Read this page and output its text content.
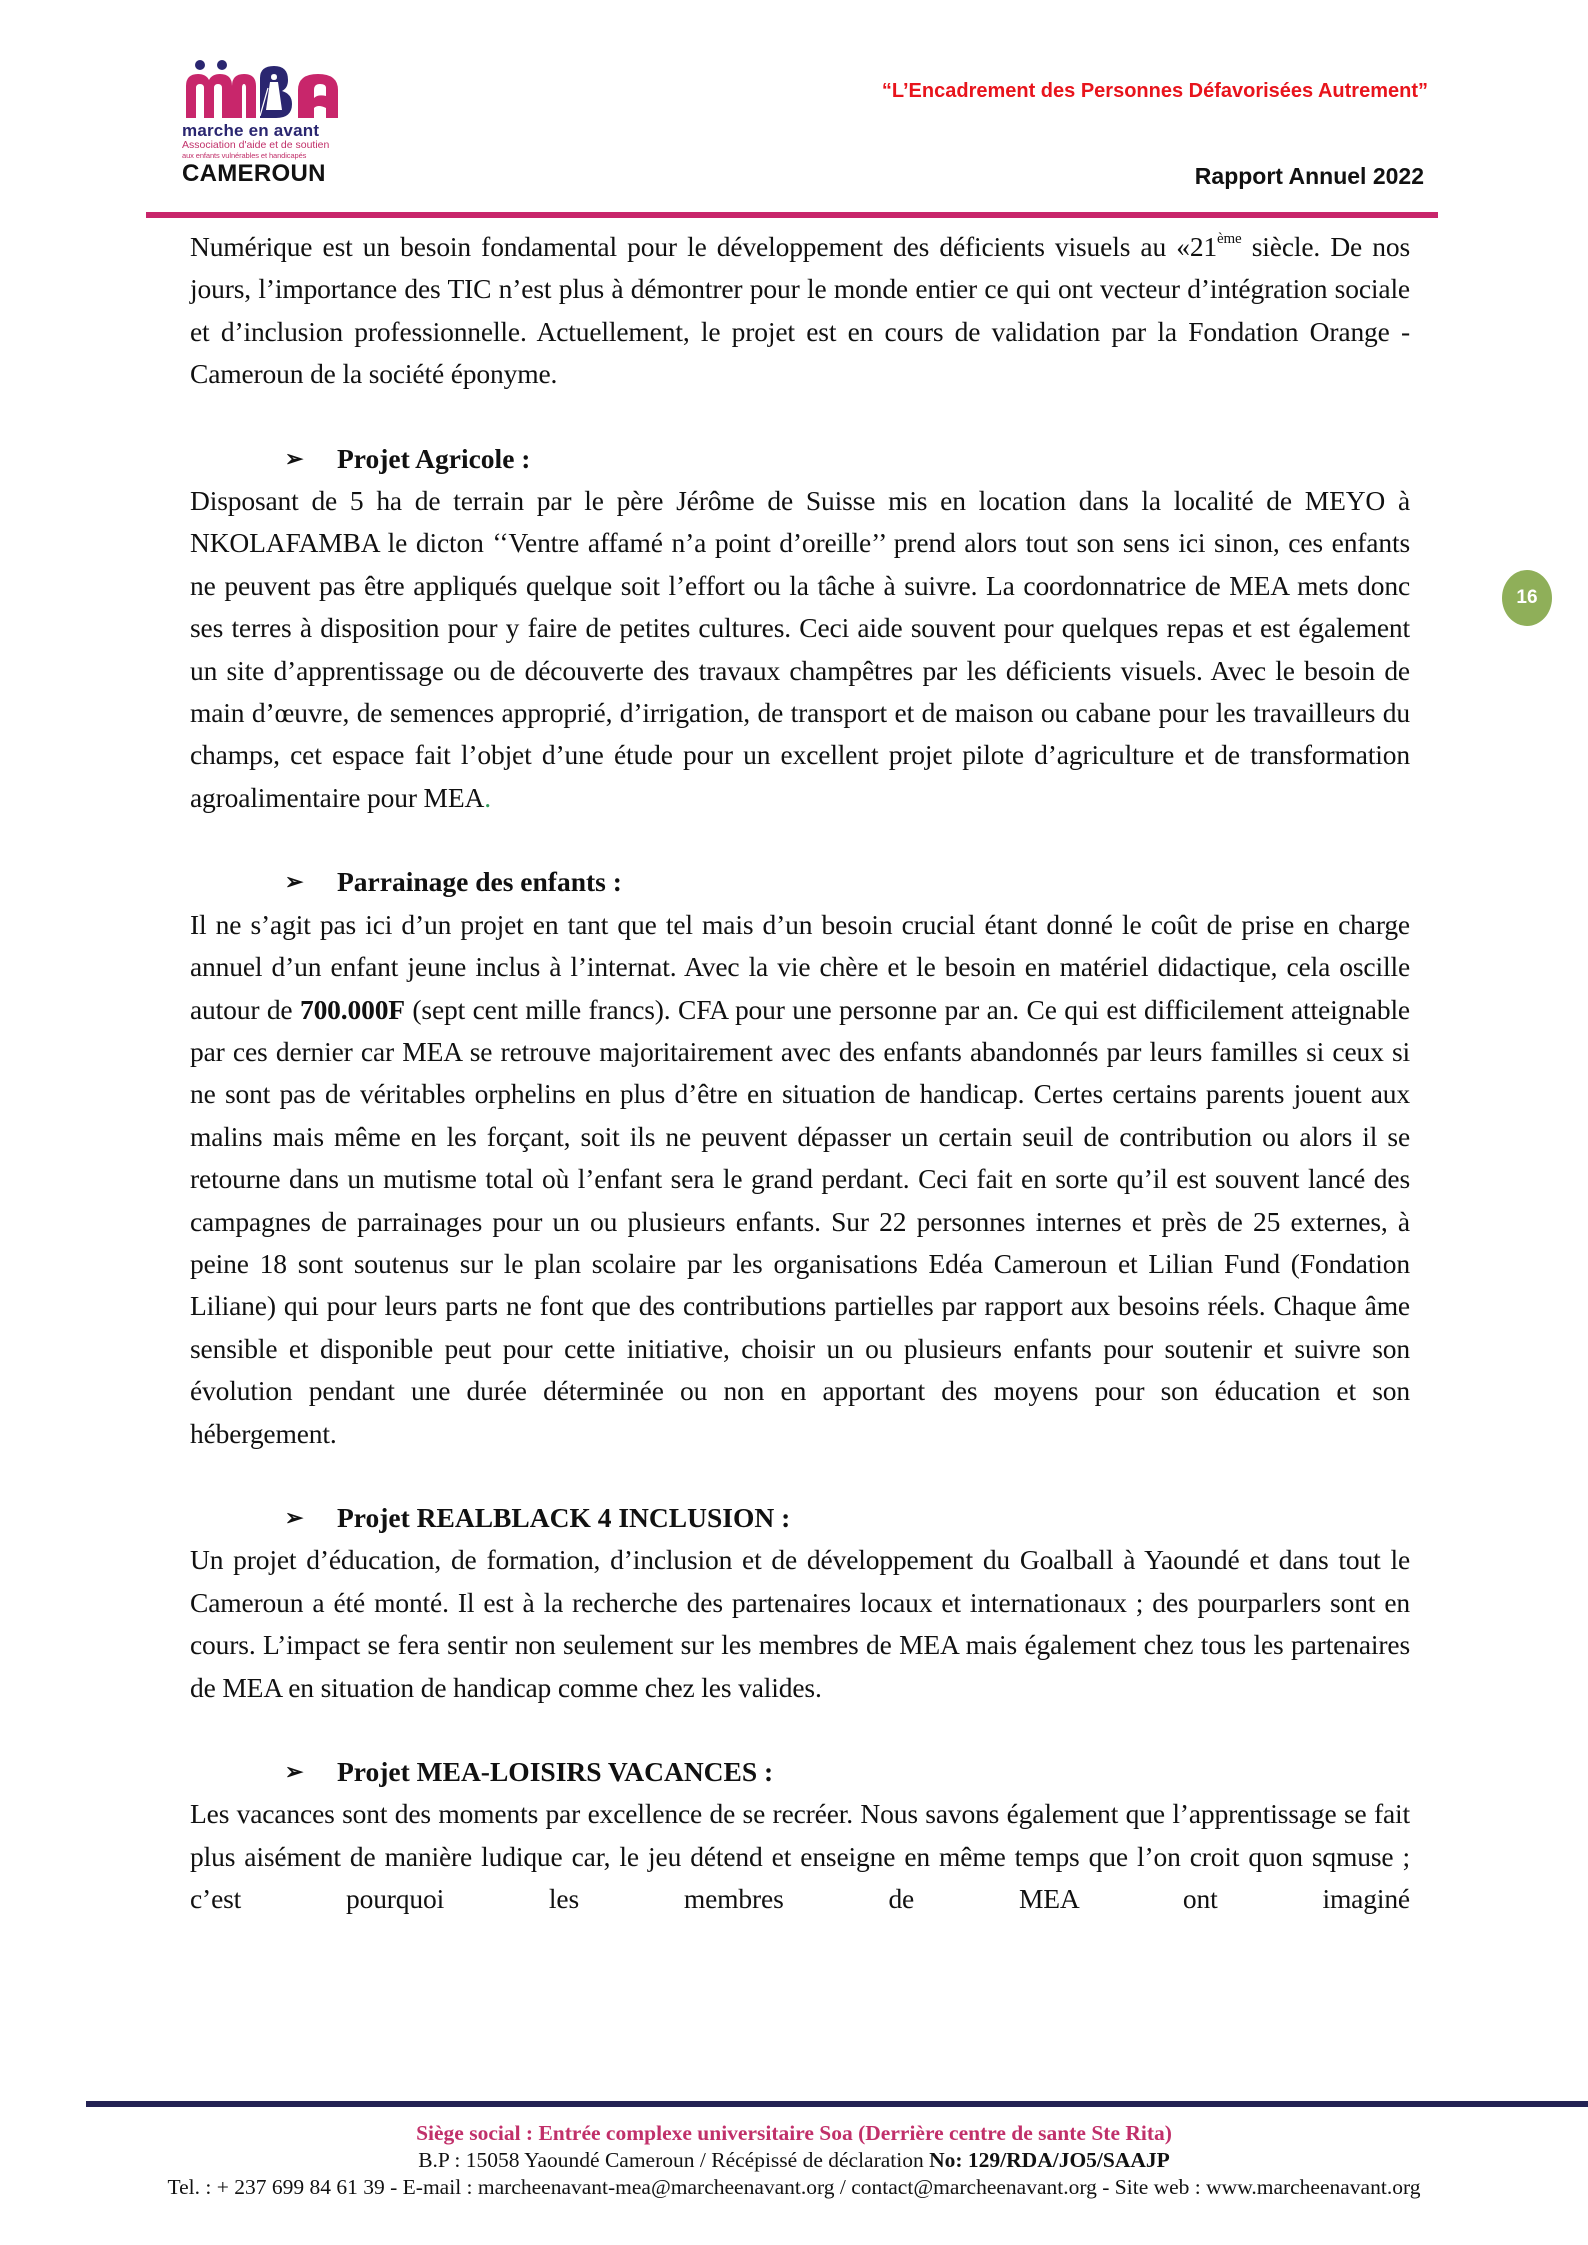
marche en avant
Association d'aide et de soutien
aux enfants vulnérables et handicapés
CAMEROUN
“L’Encadrement des Personnes Défavorisées Autrement”
Rapport Annuel 2022
16

Numérique est un besoin fondamental pour le développement des déficients visuels au «21ème siècle. De nos jours, l’importance des TIC n’est plus à démontrer pour le monde entier ce qui ont vecteur d’intégration sociale et d’inclusion professionnelle. Actuellement, le projet est en cours de validation par la Fondation Orange - Cameroun de la société éponyme.

➢	Projet Agricole :

Disposant de 5 ha de terrain par le père Jérôme de Suisse mis en location dans la localité de MEYO à NKOLAFAMBA le dicton ‘‘Ventre affamé n’a point d’oreille’’ prend alors tout son sens ici sinon, ces enfants ne peuvent pas être appliqués quelque soit l’effort ou la tâche à suivre. La coordonnatrice de MEA mets donc ses terres à disposition pour y faire de petites cultures. Ceci aide souvent pour quelques repas et est également un site d’apprentissage ou de découverte des travaux champêtres par les déficients visuels. Avec le besoin de main d’œuvre, de semences approprié, d’irrigation, de transport et de maison ou cabane pour les travailleurs du champs, cet espace fait l’objet d’une étude pour un excellent projet pilote d’agriculture et de transformation agroalimentaire pour MEA.

➢	Parrainage des enfants :

Il ne s’agit pas ici d’un projet en tant que tel mais d’un besoin crucial étant donné le coût de prise en charge annuel d’un enfant jeune inclus à l’internat. Avec la vie chère et le besoin en matériel didactique, cela oscille autour de 700.000F (sept cent mille francs). CFA pour une personne par an. Ce qui est difficilement atteignable par ces dernier car MEA se retrouve majoritairement avec des enfants abandonnés par leurs familles si ceux si ne sont pas de véritables orphelins en plus d’être en situation de handicap. Certes certains parents jouent aux malins mais même en les forçant, soit ils ne peuvent dépasser un certain seuil de contribution ou alors il se retourne dans un mutisme total où l’enfant sera le grand perdant. Ceci fait en sorte qu’il est souvent lancé des campagnes de parrainages pour un ou plusieurs enfants. Sur 22 personnes internes et près de 25 externes, à peine 18 sont soutenus sur le plan scolaire par les organisations Edéa Cameroun et Lilian Fund (Fondation Liliane) qui pour leurs parts ne font que des contributions partielles par rapport aux besoins réels. Chaque âme sensible et disponible peut pour cette initiative, choisir un ou plusieurs enfants pour soutenir et suivre son évolution pendant une durée déterminée ou non en apportant des moyens pour son éducation et son hébergement.

➢	Projet REALBLACK 4 INCLUSION :

Un projet d’éducation, de formation, d’inclusion et de développement du Goalball à Yaoundé et dans tout le Cameroun a été monté. Il est à la recherche des partenaires locaux et internationaux ; des pourparlers sont en cours. L’impact se fera sentir non seulement sur les membres de MEA mais également chez tous les partenaires de MEA en situation de handicap comme chez les valides.

➢	Projet MEA-LOISIRS VACANCES :

Les vacances sont des moments par excellence de se recréer. Nous savons également que l’apprentissage se fait plus aisément de manière ludique car, le jeu détend et enseigne en même temps que l’on croit quon sqmuse ; c’est pourquoi les membres de MEA ont imaginé

Siège social : Entrée complexe universitaire Soa (Derrière centre de sante Ste Rita)
B.P : 15058 Yaoundé Cameroun / Récépissé de déclaration No: 129/RDA/JO5/SAAJP
Tel. : + 237 699 84 61 39 - E-mail : marcheenavant-mea@marcheenavant.org / contact@marcheenavant.org - Site web : www.marcheenavant.org
